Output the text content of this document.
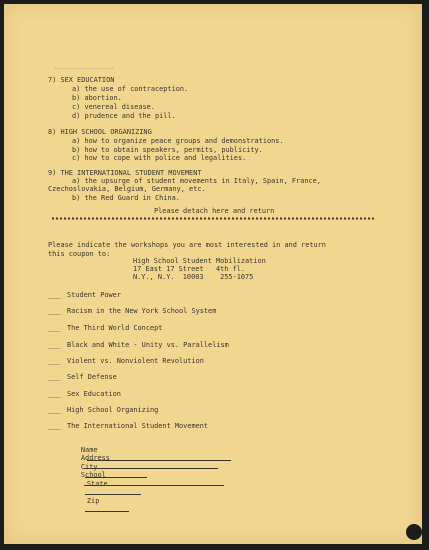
7) SEX EDUCATION

a) the use of contraception.

b) abortion.

c) venereal disease.

d) prudence and the pill.

8) HIGH SCHOOL ORGANIZING

a) how to organize peace groups and demonstrations.

b) how to obtain speakers, permits, publicity.

c) how to cope with police and legalities.

9) THE INTERNATIONAL STUDENT MOVEMENT

a) the upsurge of student movements in Italy, Spain, France,

Czechoslovakia, Belgium, Germany, etc.

b) the Red Guard in China.

Please detach here and return

Please indicate the workshops you are most interested in and return

this coupon to:

High School Student Mobilization

17 East 17 Street   4th fl.

N.Y., N.Y.  10003    255-1075

___ Student Power
___ Racism in the New York School System
___ The Third World Concept
___ Black and White - Unity vs. Parallelism
___ Violent vs. Nonviolent Revolution
___ Self Defense
___ Sex Education
___ High School Organizing
___ The International Student Movement

Name

Address

City

State

Zip

School
